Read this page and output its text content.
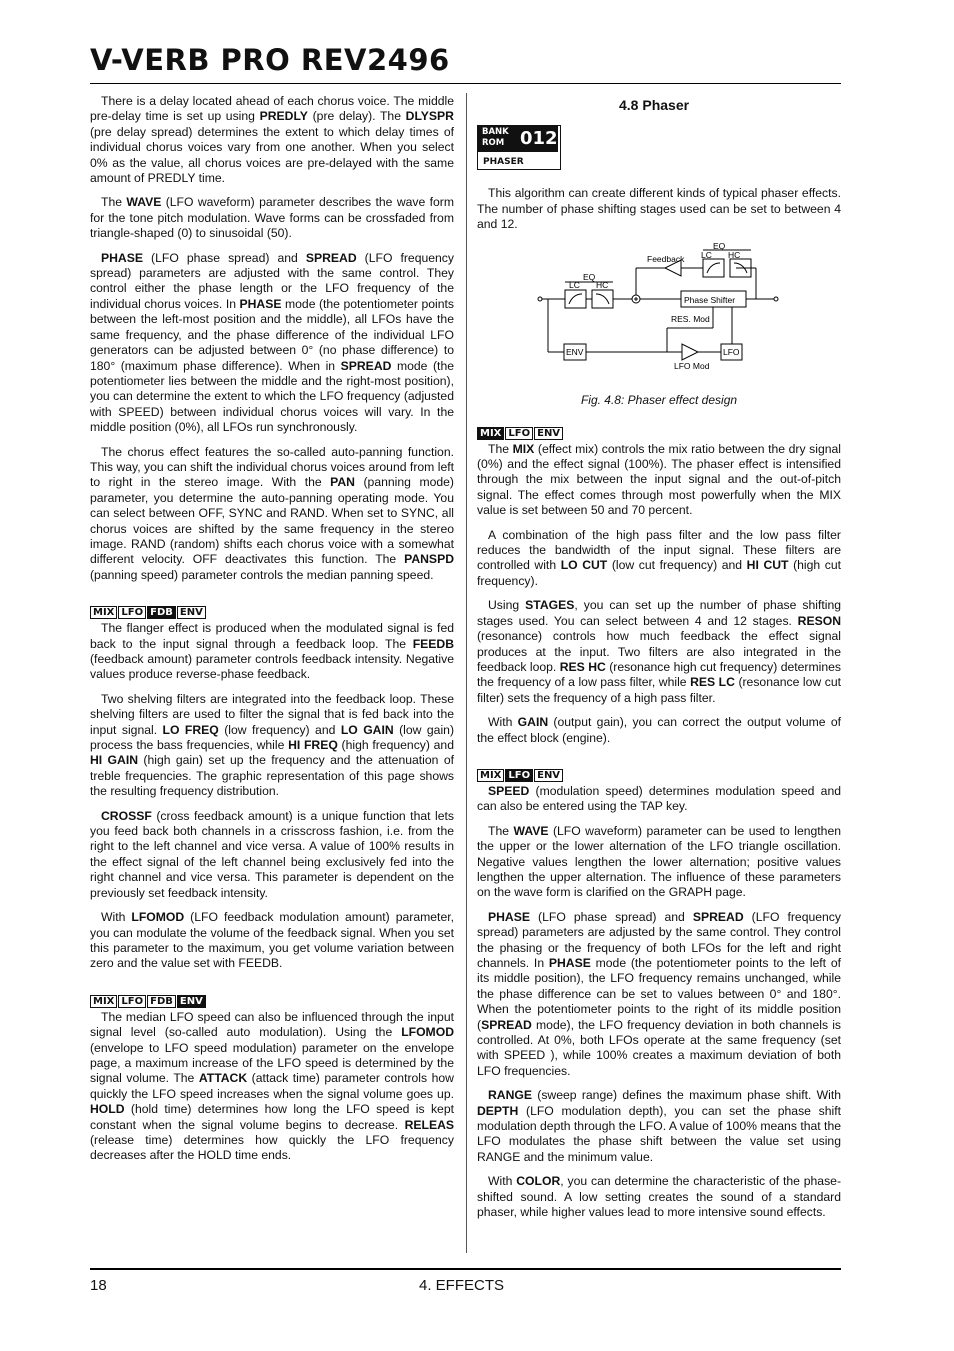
V-VERB PRO REV2496

There is a delay located ahead of each chorus voice. The middle pre-delay time is set up using PREDLY (pre delay). The DLYSPR (pre delay spread) determines the extent to which delay times of individual chorus voices vary from one another. When you select 0% as the value, all chorus voices are pre-delayed with the same amount of PREDLY time.

The WAVE (LFO waveform) parameter describes the wave form for the tone pitch modulation. Wave forms can be crossfaded from triangle-shaped (0) to sinusoidal (50).

PHASE (LFO phase spread) and SPREAD (LFO frequency spread) parameters are adjusted with the same control. They control either the phase length or the LFO frequency of the individual chorus voices. In PHASE mode (the potentiometer points between the left-most position and the middle), all LFOs have the same frequency, and the phase difference of the individual LFO generators can be adjusted between 0° (no phase difference) to 180° (maximum phase difference). When in SPREAD mode (the potentiometer lies between the middle and the right-most position), you can determine the extent to which the LFO frequency (adjusted with SPEED) between individual chorus voices will vary. In the middle position (0%), all LFOs run synchronously.

The chorus effect features the so-called auto-panning function. This way, you can shift the individual chorus voices around from left to right in the stereo image. With the PAN (panning mode) parameter, you determine the auto-panning operating mode. You can select between OFF, SYNC and RAND. When set to SYNC, all chorus voices are shifted by the same frequency in the stereo image. RAND (random) shifts each chorus voice with a somewhat different velocity. OFF deactivates this function. The PANSPD (panning speed) parameter controls the median panning speed.

MIX LFO FDB ENV

The flanger effect is produced when the modulated signal is fed back to the input signal through a feedback loop. The FEEDB (feedback amount) parameter controls feedback intensity. Negative values produce reverse-phase feedback.

Two shelving filters are integrated into the feedback loop. These shelving filters are used to filter the signal that is fed back into the input signal. LO FREQ (low frequency) and LO GAIN (low gain) process the bass frequencies, while HI FREQ (high frequency) and HI GAIN (high gain) set up the frequency and the attenuation of treble frequencies. The graphic representation of this page shows the resulting frequency distribution.

CROSSF (cross feedback amount) is a unique function that lets you feed back both channels in a crisscross fashion, i.e. from the right to the left channel and vice versa. A value of 100% results in the effect signal of the left channel being exclusively fed into the right channel and vice versa. This parameter is dependent on the previously set feedback intensity.

With LFOMOD (LFO feedback modulation amount) parameter, you can modulate the volume of the feedback signal. When you set this parameter to the maximum, you get volume variation between zero and the value set with FEEDB.

MIX LFO FDB ENV

The median LFO speed can also be influenced through the input signal level (so-called auto modulation). Using the LFOMOD (envelope to LFO speed modulation) parameter on the envelope page, a maximum increase of the LFO speed is determined by the signal volume. The ATTACK (attack time) parameter controls how quickly the LFO speed increases when the signal volume goes up. HOLD (hold time) determines how long the LFO speed is kept constant when the signal volume begins to decrease. RELEAS (release time) determines how quickly the LFO frequency decreases after the HOLD time ends.

4.8 Phaser
BANK
ROM 012
PHASER

This algorithm can create different kinds of typical phaser effects. The number of phase shifting stages used can be set to between 4 and 12.

EQ
LC HC
EQ
LC HC
Feedback
Phase Shifter
RES. Mod
ENV	LFO
LFO Mod
Fig. 4.8: Phaser effect design
MIX LFO ENV

The MIX (effect mix) controls the mix ratio between the dry signal (0%) and the effect signal (100%). The phaser effect is intensified through the mix between the input signal and the out-of-pitch signal. The effect comes through most powerfully when the MIX value is set between 50 and 70 percent.

A combination of the high pass filter and the low pass filter reduces the bandwidth of the input signal. These filters are controlled with LO CUT (low cut frequency) and HI CUT (high cut frequency).

Using STAGES, you can set up the number of phase shifting stages used. You can select between 4 and 12 stages. RESON (resonance) controls how much feedback the effect signal produces at the input. Two filters are also integrated in the feedback loop. RES HC (resonance high cut frequency) determines the frequency of a low pass filter, while RES LC (resonance low cut filter) sets the frequency of a high pass filter.

With GAIN (output gain), you can correct the output volume of the effect block (engine).

MIX LFO ENV

SPEED (modulation speed) determines modulation speed and can also be entered using the TAP key.

The WAVE (LFO waveform) parameter can be used to lengthen the upper or the lower alternation of the LFO triangle oscillation. Negative values lengthen the lower alternation; positive values lengthen the upper alternation. The influence of these parameters on the wave form is clarified on the GRAPH page.

PHASE (LFO phase spread) and SPREAD (LFO frequency spread) parameters are adjusted by the same control. They control the phasing or the frequency of both LFOs for the left and right channels. In PHASE mode (the potentiometer points to the left of its middle position), the LFO frequency remains unchanged, while the phase difference can be set to values between 0° and 180°. When the potentiometer points to the right of its middle position (SPREAD mode), the LFO frequency deviation in both channels is controlled. At 0%, both LFOs operate at the same frequency (set with SPEED ), while 100% creates a maximum deviation of both LFO frequencies.

RANGE (sweep range) defines the maximum phase shift. With DEPTH (LFO modulation depth), you can set the phase shift modulation depth through the LFO. A value of 100% means that the LFO modulates the phase shift between the value set using RANGE and the minimum value.

With COLOR, you can determine the characteristic of the phase-shifted sound. A low setting creates the sound of a standard phaser, while higher values lead to more intensive sound effects.

18	4. EFFECTS
